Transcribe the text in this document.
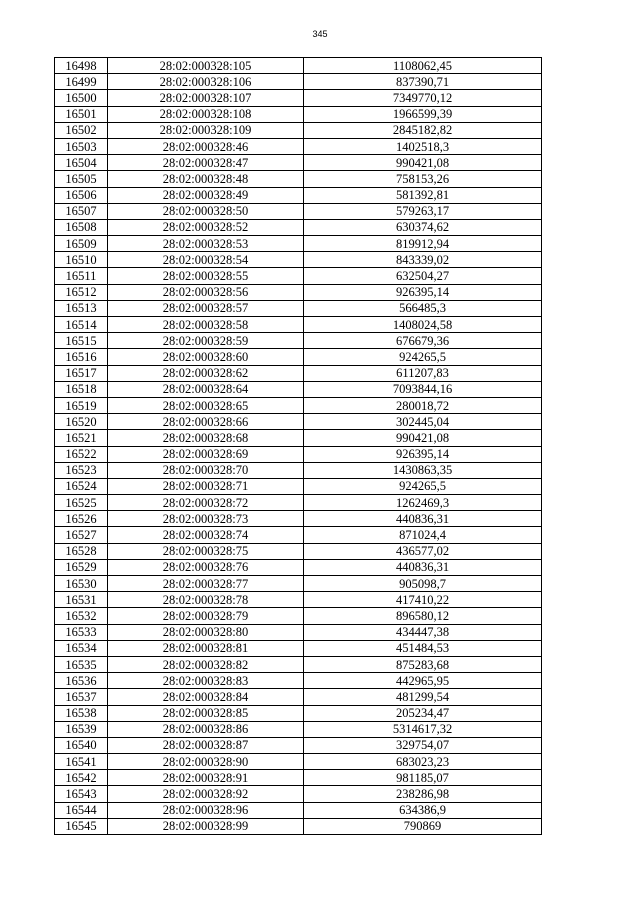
345
16498	28:02:000328:105	1108062,45
16499	28:02:000328:106	837390,71
16500	28:02:000328:107	7349770,12
16501	28:02:000328:108	1966599,39
16502	28:02:000328:109	2845182,82
16503	28:02:000328:46	1402518,3
16504	28:02:000328:47	990421,08
16505	28:02:000328:48	758153,26
16506	28:02:000328:49	581392,81
16507	28:02:000328:50	579263,17
16508	28:02:000328:52	630374,62
16509	28:02:000328:53	819912,94
16510	28:02:000328:54	843339,02
16511	28:02:000328:55	632504,27
16512	28:02:000328:56	926395,14
16513	28:02:000328:57	566485,3
16514	28:02:000328:58	1408024,58
16515	28:02:000328:59	676679,36
16516	28:02:000328:60	924265,5
16517	28:02:000328:62	611207,83
16518	28:02:000328:64	7093844,16
16519	28:02:000328:65	280018,72
16520	28:02:000328:66	302445,04
16521	28:02:000328:68	990421,08
16522	28:02:000328:69	926395,14
16523	28:02:000328:70	1430863,35
16524	28:02:000328:71	924265,5
16525	28:02:000328:72	1262469,3
16526	28:02:000328:73	440836,31
16527	28:02:000328:74	871024,4
16528	28:02:000328:75	436577,02
16529	28:02:000328:76	440836,31
16530	28:02:000328:77	905098,7
16531	28:02:000328:78	417410,22
16532	28:02:000328:79	896580,12
16533	28:02:000328:80	434447,38
16534	28:02:000328:81	451484,53
16535	28:02:000328:82	875283,68
16536	28:02:000328:83	442965,95
16537	28:02:000328:84	481299,54
16538	28:02:000328:85	205234,47
16539	28:02:000328:86	5314617,32
16540	28:02:000328:87	329754,07
16541	28:02:000328:90	683023,23
16542	28:02:000328:91	981185,07
16543	28:02:000328:92	238286,98
16544	28:02:000328:96	634386,9
16545	28:02:000328:99	790869
